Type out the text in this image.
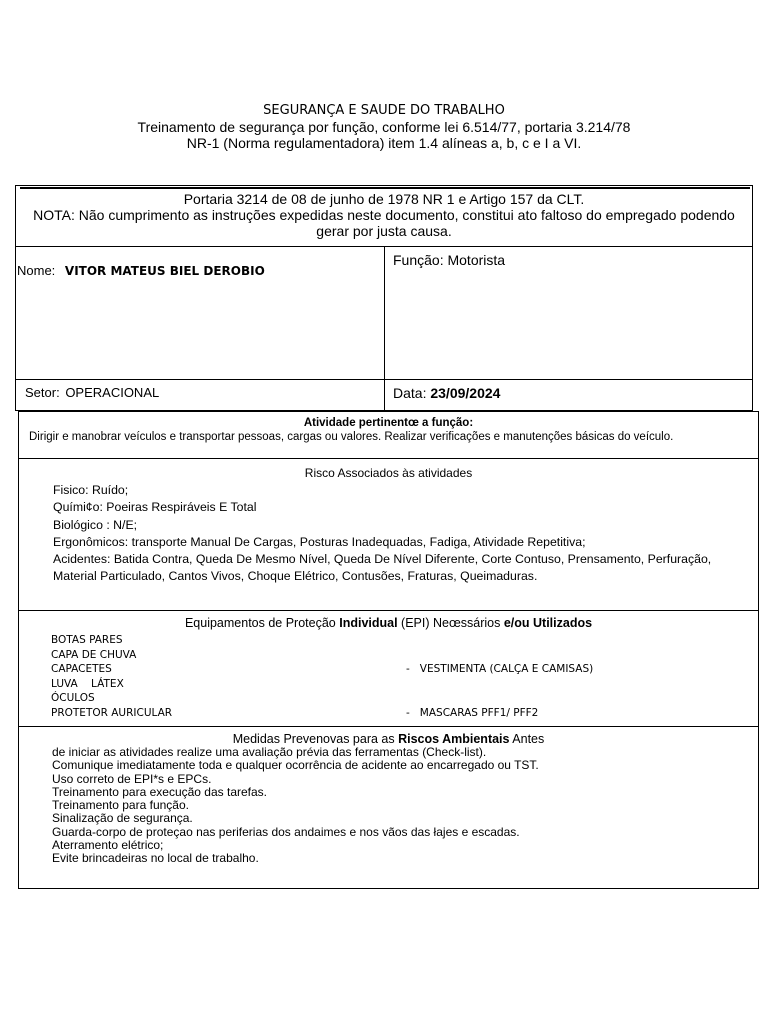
SEGURANÇA E SAUDE DO TRABALHO
Treinamento de segurança por função, conforme lei 6.514/77, portaria 3.214/78
NR-1 (Norma regulamentadora) item 1.4 alíneas a, b, c e I a VI.
Portaria 3214 de 08 de junho de 1978 NR 1 e Artigo 157 da CLT.
NOTA: Não cumprimento as instruções expedidas neste documento, constitui ato faltoso do empregado podendo gerar por justa causa.
Nome: VITOR MATEUS BIEL DEROBIO
Função: Motorista
Setor: OPERACIONAL	Data: 23/09/2024
Atividade pertinentœ a função:
Dirigir e manobrar veículos e transportar pessoas, cargas ou valores. Realizar verificações e manutenções básicas do veículo.
Risco Associados às atividades
Fisico: Ruído;
Quími¢o: Poeiras Respiráveis E Total
Biológico : N/E;
Ergonômicos: transporte Manual De Cargas, Posturas Inadequadas, Fadiga, Atividade Repetitiva;
Acidentes: Batida Contra, Queda De Mesmo Nível, Queda De Nível Diferente, Corte Contuso, Prensamento, Perfuração, Material Particulado, Cantos Vivos, Choque Elétrico, Contusões, Fraturas, Queimaduras.
Equipamentos de Proteção Individual (EPI) Neœssários e/ou Utilizados
BOTAS PARES
CAPA DE CHUVA
CAPACETES
LUVA    LÁTEX
ÓCULOS
PROTETOR AURICULAR

-   VESTIMENTA (CALÇA E CAMISAS)

-   MASCARAS PFF1/ PFF2

Medidas Prevenovas para as Riscos Ambientais Antes
de iniciar as atividades realize uma avaliação prévia das ferramentas (Check-list).
Comunique imediatamente toda e qualquer ocorrência de acidente ao encarregado ou TST.
Uso correto de EPI*s e EPCs.
Treinamento para execução das tarefas.
Treinamento para função.
Sinalização de segurança.
Guarda-corpo de proteçao nas periferias dos andaimes e nos vãos das łajes e escadas.
Aterramento elétrico;
Evite brincadeiras no local de trabalho.
